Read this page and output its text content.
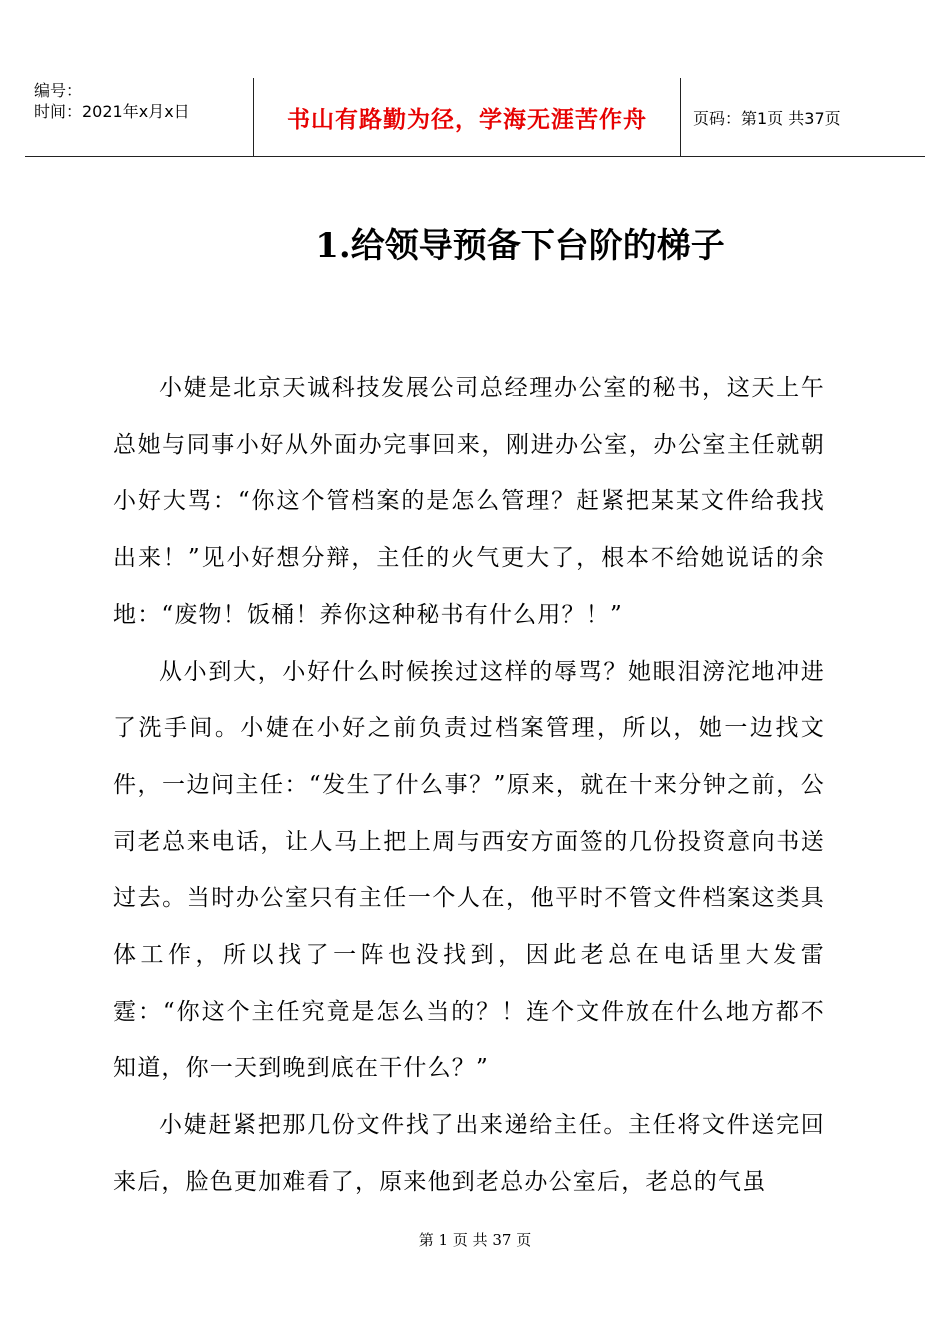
编号：
时间：2021年x月x日	书山有路勤为径，学海无涯苦作舟	页码：第1页 共37页
1.给领导预备下台阶的梯子

小婕是北京天诚科技发展公司总经理办公室的秘书，这天上午总她与同事小好从外面办完事回来，刚进办公室，办公室主任就朝小好大骂：“你这个管档案的是怎么管理？赶紧把某某文件给我找出来！”见小好想分辩，主任的火气更大了，根本不给她说话的余地：“废物！饭桶！养你这种秘书有什么用？！”

从小到大，小好什么时候挨过这样的辱骂？她眼泪滂沱地冲进了洗手间。小婕在小好之前负责过档案管理，所以，她一边找文件，一边问主任：“发生了什么事？”原来，就在十来分钟之前，公司老总来电话，让人马上把上周与西安方面签的几份投资意向书送过去。当时办公室只有主任一个人在，他平时不管文件档案这类具体工作，所以找了一阵也没找到，因此老总在电话里大发雷霆：“你这个主任究竟是怎么当的？！连个文件放在什么地方都不知道，你一天到晚到底在干什么？”

小婕赶紧把那几份文件找了出来递给主任。主任将文件送完回来后，脸色更加难看了，原来他到老总办公室后，老总的气虽

第 1 页 共 37 页
